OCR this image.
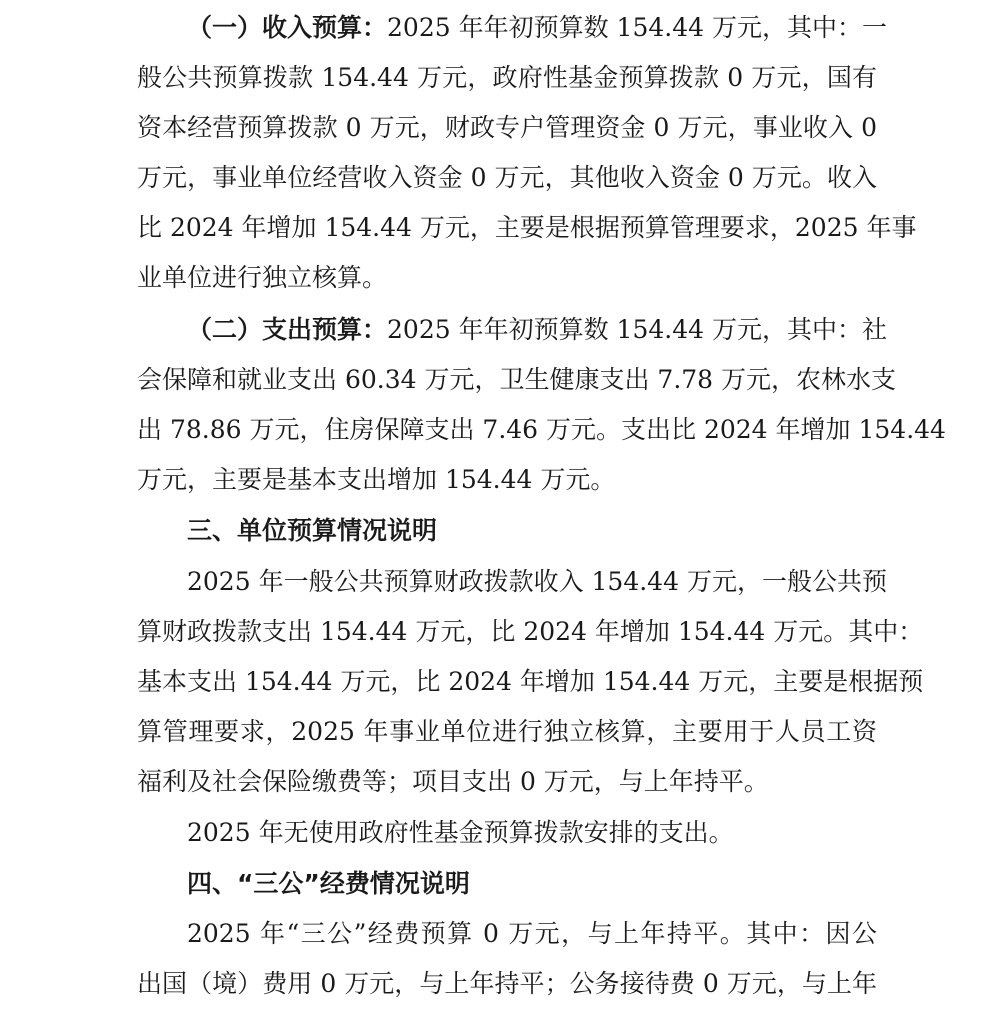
（一）收入预算：2025 年年初预算数 154.44 万元，其中：一
般公共预算拨款 154.44 万元，政府性基金预算拨款 0 万元，国有
资本经营预算拨款 0 万元，财政专户管理资金 0 万元，事业收入 0
万元，事业单位经营收入资金 0 万元，其他收入资金 0 万元。收入
比 2024 年增加 154.44 万元，主要是根据预算管理要求，2025 年事
业单位进行独立核算。
（二）支出预算：2025 年年初预算数 154.44 万元，其中：社
会保障和就业支出 60.34 万元，卫生健康支出 7.78 万元，农林水支
出 78.86 万元，住房保障支出 7.46 万元。支出比 2024 年增加 154.44
万元，主要是基本支出增加 154.44 万元。
三、单位预算情况说明
2025 年一般公共预算财政拨款收入 154.44 万元，一般公共预
算财政拨款支出 154.44 万元，比 2024 年增加 154.44 万元。其中：
基本支出 154.44 万元，比 2024 年增加 154.44 万元，主要是根据预
算管理要求，2025 年事业单位进行独立核算，主要用于人员工资
福利及社会保险缴费等；项目支出 0 万元，与上年持平。
2025 年无使用政府性基金预算拨款安排的支出。
四、“三公”经费情况说明
2025 年“三公”经费预算 0 万元，与上年持平。其中：因公
出国（境）费用 0 万元，与上年持平；公务接待费 0 万元，与上年
